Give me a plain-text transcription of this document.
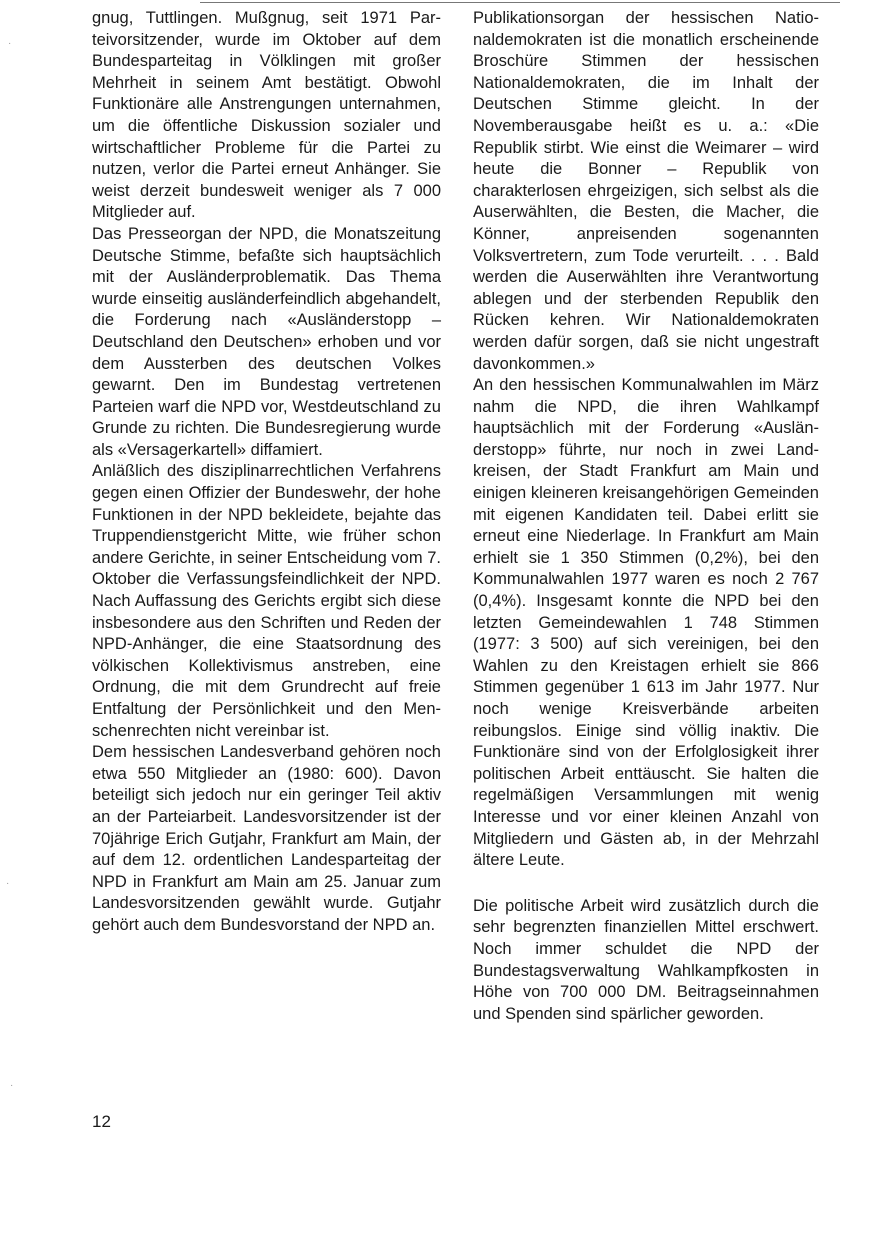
gnug, Tuttlingen. Mußgnug, seit 1971 Parteivorsitzender, wurde im Oktober auf dem Bundesparteitag in Völklingen mit großer Mehrheit in seinem Amt bestätigt. Obwohl Funktionäre alle Anstrengungen unternahmen, um die öffentliche Diskussion sozialer und wirtschaftlicher Probleme für die Partei zu nutzen, verlor die Partei erneut Anhänger. Sie weist derzeit bundesweit weniger als 7 000 Mitglieder auf.

Das Presseorgan der NPD, die Monatszeitung Deutsche Stimme, befaßte sich hauptsächlich mit der Ausländerproblematik. Das Thema wurde einseitig ausländerfeindlich abgehandelt, die Forderung nach «Ausländerstopp – Deutschland den Deutschen» erhoben und vor dem Aussterben des deutschen Volkes gewarnt. Den im Bundestag vertretenen Parteien warf die NPD vor, Westdeutschland zu Grunde zu richten. Die Bundesregierung wurde als «Versagerkartell» diffamiert.

Anläßlich des disziplinarrechtlichen Verfahrens gegen einen Offizier der Bundeswehr, der hohe Funktionen in der NPD bekleidete, bejahte das Truppendienstgericht Mitte, wie früher schon andere Gerichte, in seiner Entscheidung vom 7. Oktober die Verfassungsfeindlichkeit der NPD. Nach Auffassung des Gerichts ergibt sich diese insbesondere aus den Schriften und Reden der NPD-Anhänger, die eine Staatsordnung des völkischen Kollektivismus anstreben, eine Ordnung, die mit dem Grundrecht auf freie Entfaltung der Persönlichkeit und den Menschenrechten nicht vereinbar ist.

Dem hessischen Landesverband gehören noch etwa 550 Mitglieder an (1980: 600). Davon beteiligt sich jedoch nur ein geringer Teil aktiv an der Parteiarbeit. Landesvorsitzender ist der 70jährige Erich Gutjahr, Frankfurt am Main, der auf dem 12. ordentlichen Landesparteitag der NPD in Frankfurt am Main am 25. Januar zum Landesvorsitzenden gewählt wurde. Gutjahr gehört auch dem Bundesvorstand der NPD an.

Publikationsorgan der hessischen Nationaldemokraten ist die monatlich erscheinende Broschüre Stimmen der hessischen Nationaldemokraten, die im Inhalt der Deutschen Stimme gleicht. In der Novemberausgabe heißt es u. a.: «Die Republik stirbt. Wie einst die Weimarer – wird heute die Bonner – Republik von charakterlosen ehrgeizigen, sich selbst als die Auserwählten, die Besten, die Macher, die Könner, anpreisenden sogenannten Volksvertretern, zum Tode verurteilt. . . . Bald werden die Auserwählten ihre Verantwortung ablegen und der sterbenden Republik den Rücken kehren. Wir Nationaldemokraten werden dafür sorgen, daß sie nicht ungestraft davonkommen.»

An den hessischen Kommunalwahlen im März nahm die NPD, die ihren Wahlkampf hauptsächlich mit der Forderung «Ausländerstopp» führte, nur noch in zwei Landkreisen, der Stadt Frankfurt am Main und einigen kleineren kreisangehörigen Gemeinden mit eigenen Kandidaten teil. Dabei erlitt sie erneut eine Niederlage. In Frankfurt am Main erhielt sie 1 350 Stimmen (0,2%), bei den Kommunalwahlen 1977 waren es noch 2 767 (0,4%). Insgesamt konnte die NPD bei den letzten Gemeindewahlen 1 748 Stimmen (1977: 3 500) auf sich vereinigen, bei den Wahlen zu den Kreistagen erhielt sie 866 Stimmen gegenüber 1 613 im Jahr 1977. Nur noch wenige Kreisverbände arbeiten reibungslos. Einige sind völlig inaktiv. Die Funktionäre sind von der Erfolglosigkeit ihrer politischen Arbeit enttäuscht. Sie halten die regelmäßigen Versammlungen mit wenig Interesse und vor einer kleinen Anzahl von Mitgliedern und Gästen ab, in der Mehrzahl ältere Leute.

Die politische Arbeit wird zusätzlich durch die sehr begrenzten finanziellen Mittel erschwert. Noch immer schuldet die NPD der Bundestagsverwaltung Wahlkampfkosten in Höhe von 700 000 DM. Beitragseinnahmen und Spenden sind spärlicher geworden.

12
·
·
·
